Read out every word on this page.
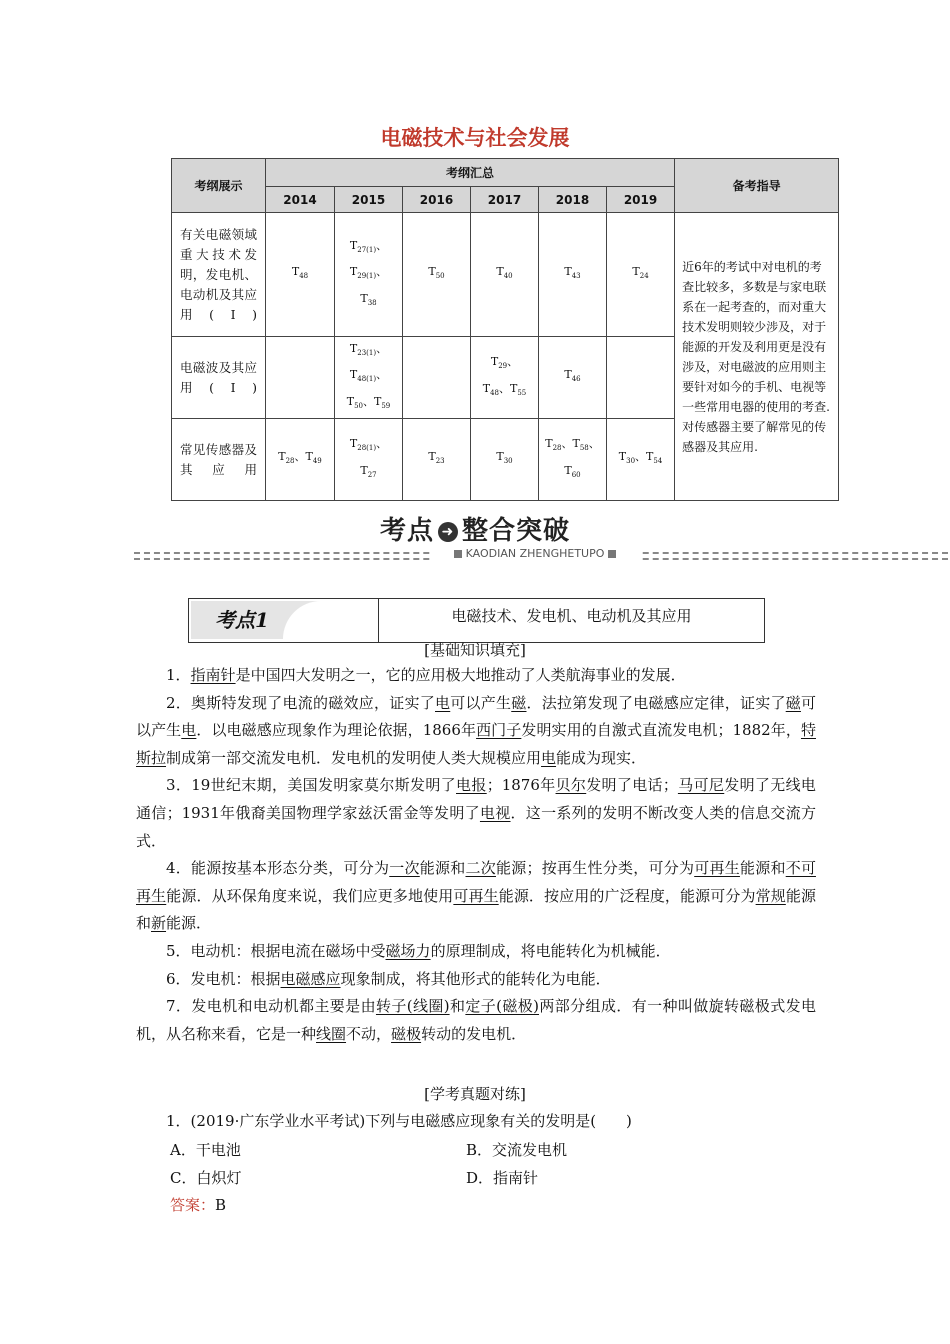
电磁技术与社会发展
考纲展示	考纲汇总						备考指导
	2014	2015	2016	2017	2018	2019	
有关电磁领域重大技术发明，发电机、电动机及其应用(Ⅰ)	$T_{48}$	$T_{27(1)}$、
$T_{29(1)}$、
$T_{38}$	$T_{50}$	$T_{40}$	$T_{43}$	$T_{24}$	近6年的考试中对电机的考查比较多，多数是与家电联系在一起考查的，而对重大技术发明则较少涉及，对于能源的开发及利用更是没有涉及，对电磁波的应用则主要针对如今的手机、电视等一些常用电器的使用的考查.对传感器主要了解常见的传感器及其应用.
电磁波及其应用(Ⅰ)		$T_{23(1)}$、
$T_{48(1)}$、
$T_{50}$、$T_{59}$		$T_{29}$、
$T_{48}$、$T_{55}$	$T_{46}$	
常见传感器及其应用	$T_{28}$、$T_{49}$	$T_{28(1)}$、
$T_{27}$	$T_{23}$	$T_{30}$	$T_{28}$、$T_{58}$、
$T_{60}$	$T_{30}$、$T_{54}$
考点 ➜ 整合突破
KAODIAN ZHENGHETUPO
考点1	电磁技术、发电机、电动机及其应用
[基础知识填充]

1．指南针是中国四大发明之一，它的应用极大地推动了人类航海事业的发展．

2．奥斯特发现了电流的磁效应，证实了电可以产生磁．法拉第发现了电磁感应定律，证实了磁可以产生电．以电磁感应现象作为理论依据，1866年西门子发明实用的自激式直流发电机；1882年，特斯拉制成第一部交流发电机．发电机的发明使人类大规模应用电能成为现实．

3．19世纪末期，美国发明家莫尔斯发明了电报；1876年贝尔发明了电话；马可尼发明了无线电通信；1931年俄裔美国物理学家兹沃雷金等发明了电视．这一系列的发明不断改变人类的信息交流方式．

4．能源按基本形态分类，可分为一次能源和二次能源；按再生性分类，可分为可再生能源和不可再生能源．从环保角度来说，我们应更多地使用可再生能源．按应用的广泛程度，能源可分为常规能源和新能源．

5．电动机：根据电流在磁场中受磁场力的原理制成，将电能转化为机械能．

6．发电机：根据电磁感应现象制成，将其他形式的能转化为电能．

7．发电机和电动机都主要是由转子(线圈)和定子(磁极)两部分组成．有一种叫做旋转磁极式发电机，从名称来看，它是一种线圈不动，磁极转动的发电机．

[学考真题对练]

1．(2019·广东学业水平考试)下列与电磁感应现象有关的发明是(　　)

A．干电池	B．交流发电机
C．白炽灯	D．指南针
答案：B
